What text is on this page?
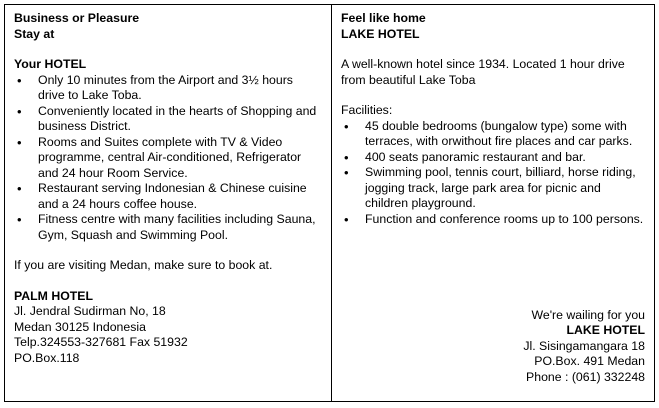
Business or Pleasure
Stay at
Your HOTEL
• Only 10 minutes from the Airport and 3½ hours drive to Lake Toba.
• Conveniently located in the hearts of Shopping and business District.
• Rooms and Suites complete with TV & Video programme, central Air-conditioned, Refrigerator and 24 hour Room Service.
• Restaurant serving Indonesian & Chinese cuisine and a 24 hours coffee house.
• Fitness centre with many facilities including Sauna, Gym, Squash and Swimming Pool.
If you are visiting Medan, make sure to book at.
PALM HOTEL
Jl. Jendral Sudirman No, 18
Medan 30125 Indonesia
Telp.324553-327681 Fax 51932
PO.Box.118
Feel like home
LAKE HOTEL
A well-known hotel since 1934. Located 1 hour drive from beautiful Lake Toba
Facilities:
• 45 double bedrooms (bungalow type) some with terraces, with orwithout fire places and car parks.
• 400 seats panoramic restaurant and bar.
• Swimming pool, tennis court, billiard, horse riding, jogging track, large park area for picnic and children playground.
• Function and conference rooms up to 100 persons.
We're wailing for you
LAKE HOTEL
Jl. Sisingamangara 18
PO.Box. 491 Medan
Phone : (061) 332248
